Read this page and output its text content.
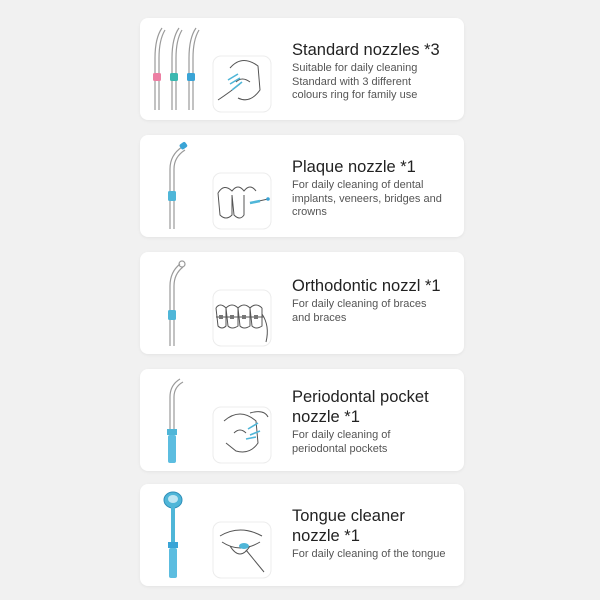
Standard nozzles *3

Suitable for daily cleaning
Standard with 3 different
colours ring for family use

Plaque nozzle *1

For daily cleaning of dental
implants, veneers, bridges and
crowns

Orthodontic nozzl *1

For daily cleaning of braces
and braces

Periodontal pocket
nozzle *1

For daily cleaning of
periodontal pockets

Tongue cleaner
nozzle *1

For daily cleaning of the tongue
